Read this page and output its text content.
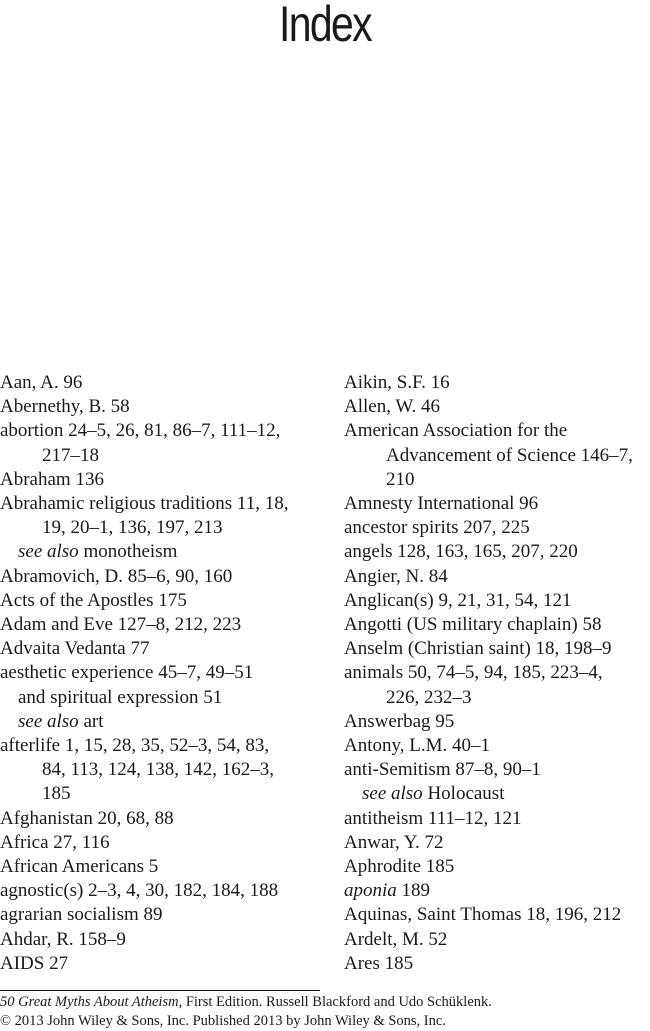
Index
Aan, A. 96
Abernethy, B. 58
abortion 24–5, 26, 81, 86–7, 111–12,
217–18
Abraham 136
Abrahamic religious traditions 11, 18,
19, 20–1, 136, 197, 213
see also monotheism
Abramovich, D. 85–6, 90, 160
Acts of the Apostles 175
Adam and Eve 127–8, 212, 223
Advaita Vedanta 77
aesthetic experience 45–7, 49–51
and spiritual expression 51
see also art
afterlife 1, 15, 28, 35, 52–3, 54, 83,
84, 113, 124, 138, 142, 162–3,
185
Afghanistan 20, 68, 88
Africa 27, 116
African Americans 5
agnostic(s) 2–3, 4, 30, 182, 184, 188
agrarian socialism 89
Ahdar, R. 158–9
AIDS 27
Aikin, S.F. 16
Allen, W. 46
American Association for the
Advancement of Science 146–7,
210
Amnesty International 96
ancestor spirits 207, 225
angels 128, 163, 165, 207, 220
Angier, N. 84
Anglican(s) 9, 21, 31, 54, 121
Angotti (US military chaplain) 58
Anselm (Christian saint) 18, 198–9
animals 50, 74–5, 94, 185, 223–4,
226, 232–3
Answerbag 95
Antony, L.M. 40–1
anti-Semitism 87–8, 90–1
see also Holocaust
antitheism 111–12, 121
Anwar, Y. 72
Aphrodite 185
aponia 189
Aquinas, Saint Thomas 18, 196, 212
Ardelt, M. 52
Ares 185
50 Great Myths About Atheism, First Edition. Russell Blackford and Udo Schüklenk.
© 2013 John Wiley & Sons, Inc. Published 2013 by John Wiley & Sons, Inc.
